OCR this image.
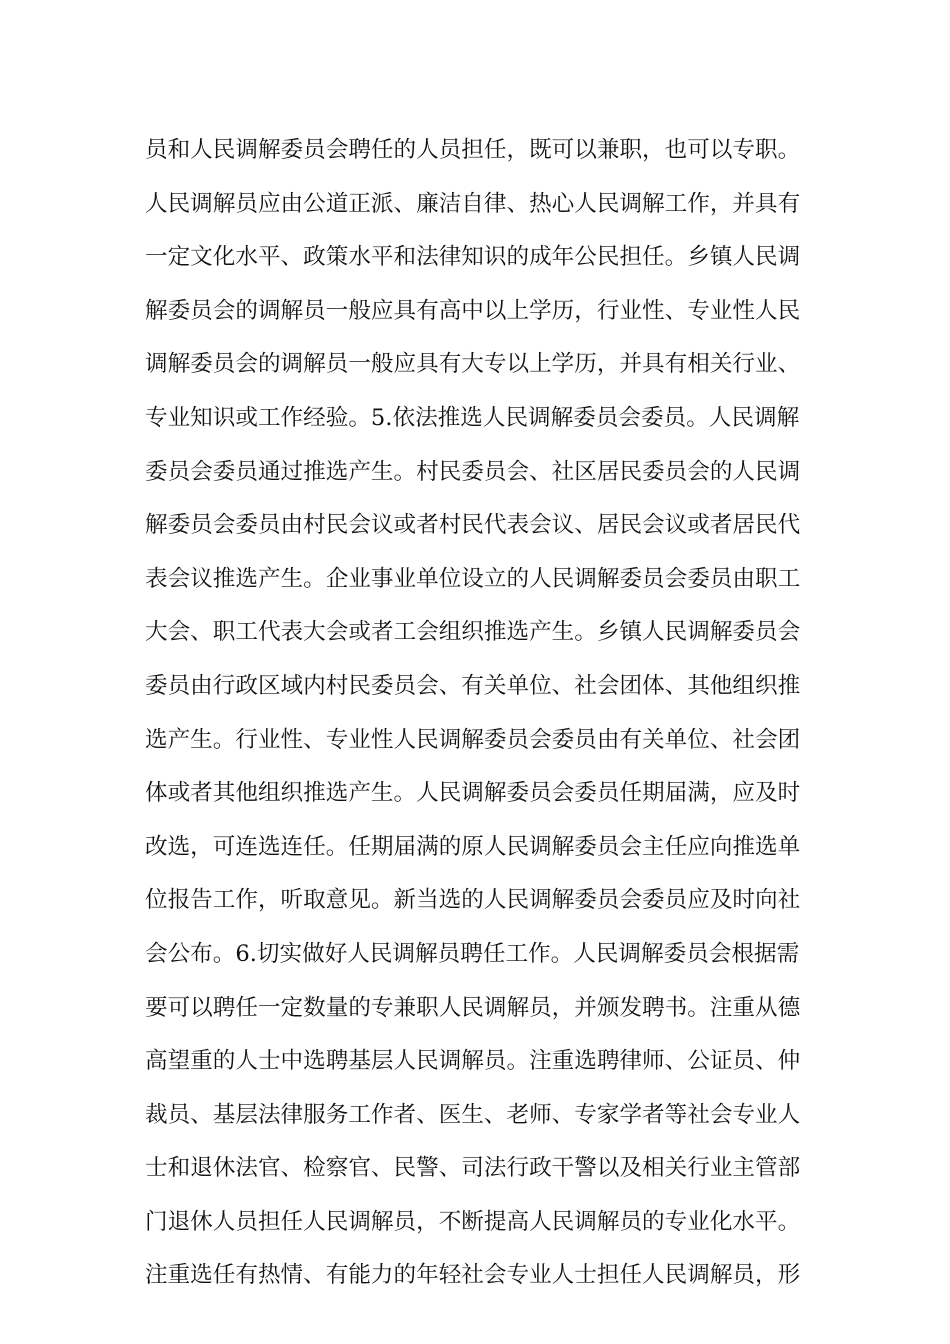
员和人民调解委员会聘任的人员担任，既可以兼职，也可以专职。
人民调解员应由公道正派、廉洁自律、热心人民调解工作，并具有
一定文化水平、政策水平和法律知识的成年公民担任。乡镇人民调
解委员会的调解员一般应具有高中以上学历，行业性、专业性人民
调解委员会的调解员一般应具有大专以上学历，并具有相关行业、
专业知识或工作经验。5.依法推选人民调解委员会委员。人民调解
委员会委员通过推选产生。村民委员会、社区居民委员会的人民调
解委员会委员由村民会议或者村民代表会议、居民会议或者居民代
表会议推选产生。企业事业单位设立的人民调解委员会委员由职工
大会、职工代表大会或者工会组织推选产生。乡镇人民调解委员会
委员由行政区域内村民委员会、有关单位、社会团体、其他组织推
选产生。行业性、专业性人民调解委员会委员由有关单位、社会团
体或者其他组织推选产生。人民调解委员会委员任期届满，应及时
改选，可连选连任。任期届满的原人民调解委员会主任应向推选单
位报告工作，听取意见。新当选的人民调解委员会委员应及时向社
会公布。6.切实做好人民调解员聘任工作。人民调解委员会根据需
要可以聘任一定数量的专兼职人民调解员，并颁发聘书。注重从德
高望重的人士中选聘基层人民调解员。注重选聘律师、公证员、仲
裁员、基层法律服务工作者、医生、老师、专家学者等社会专业人
士和退休法官、检察官、民警、司法行政干警以及相关行业主管部
门退休人员担任人民调解员，不断提高人民调解员的专业化水平。
注重选任有热情、有能力的年轻社会专业人士担任人民调解员，形
